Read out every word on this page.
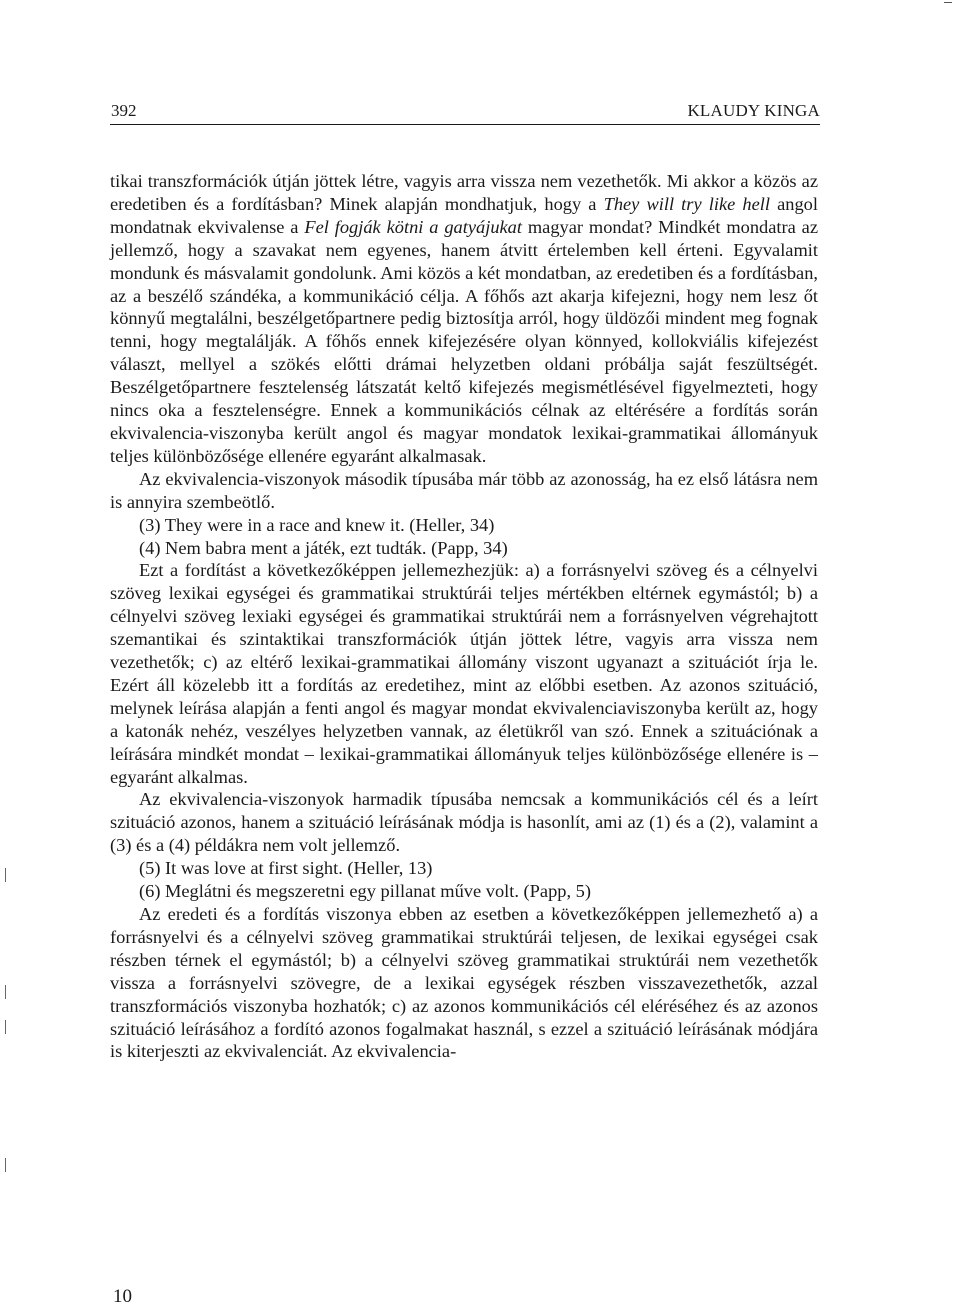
392	KLAUDY KINGA

tikai transzformációk útján jöttek létre, vagyis arra vissza nem vezethetők. Mi akkor a közös az eredetiben és a fordításban? Minek alapján mondhatjuk, hogy a They will try like hell angol mondatnak ekvivalense a Fel fogják kötni a gatyájukat magyar mondat? Mindkét mondatra az jellemző, hogy a szavakat nem egyenes, hanem átvitt értelemben kell érteni. Egyvalamit mondunk és másvalamit gondolunk. Ami közös a két mondatban, az eredetiben és a fordításban, az a beszélő szándéka, a kommunikáció célja. A főhős azt akarja kifejezni, hogy nem lesz őt könnyű megtalálni, beszélgetőpartnere pedig biztosítja arról, hogy üldözői mindent meg fognak tenni, hogy megtalálják. A főhős ennek kifejezésére olyan könnyed, kollokviális kifejezést választ, mellyel a szökés előtti drámai helyzetben oldani próbálja saját feszültségét. Beszélgetőpartnere fesztelenség látszatát keltő kifejezés megismétlésével figyelmezteti, hogy nincs oka a fesztelenségre. Ennek a kommunikációs célnak az eltérésére a fordítás során ekvivalencia-viszonyba került angol és magyar mondatok lexikai-grammatikai állományuk teljes különbözősége ellenére egyaránt alkalmasak.

Az ekvivalencia-viszonyok második típusába már több az azonosság, ha ez első látásra nem is annyira szembeötlő.

(3) They were in a race and knew it. (Heller, 34)

(4) Nem babra ment a játék, ezt tudták. (Papp, 34)

Ezt a fordítást a következőképpen jellemezhezjük: a) a forrásnyelvi szöveg és a célnyelvi szöveg lexikai egységei és grammatikai struktúrái teljes mértékben eltérnek egymástól; b) a célnyelvi szöveg lexiaki egységei és grammatikai struktúrái nem a forrásnyelven végrehajtott szemantikai és szintaktikai transzformációk útján jöttek létre, vagyis arra vissza nem vezethetők; c) az eltérő lexikai-grammatikai állomány viszont ugyanazt a szituációt írja le. Ezért áll közelebb itt a fordítás az eredetihez, mint az előbbi esetben. Az azonos szituáció, melynek leírása alapján a fenti angol és magyar mondat ekvivalenciaviszonyba került az, hogy a katonák nehéz, veszélyes helyzetben vannak, az életükről van szó. Ennek a szituációnak a leírására mindkét mondat – lexikai-grammatikai állományuk teljes különbözősége ellenére is – egyaránt alkalmas.

Az ekvivalencia-viszonyok harmadik típusába nemcsak a kommunikációs cél és a leírt szituáció azonos, hanem a szituáció leírásának módja is hasonlít, ami az (1) és a (2), valamint a (3) és a (4) példákra nem volt jellemző.

(5) It was love at first sight. (Heller, 13)

(6) Meglátni és megszeretni egy pillanat műve volt. (Papp, 5)

Az eredeti és a fordítás viszonya ebben az esetben a következőképpen jellemezhető a) a forrásnyelvi és a célnyelvi szöveg grammatikai struktúrái teljesen, de lexikai egységei csak részben térnek el egymástól; b) a célnyelvi szöveg grammatikai struktúrái nem vezethetők vissza a forrásnyelvi szövegre, de a lexikai egységek részben visszavezethetők, azzal transzformációs viszonyba hozhatók; c) az azonos kommunikációs cél eléréséhez és az azonos szituáció leírásához a fordító azonos fogalmakat használ, s ezzel a szituáció leírásának módjára is kiterjeszti az ekvivalenciát. Az ekvivalencia-

10
